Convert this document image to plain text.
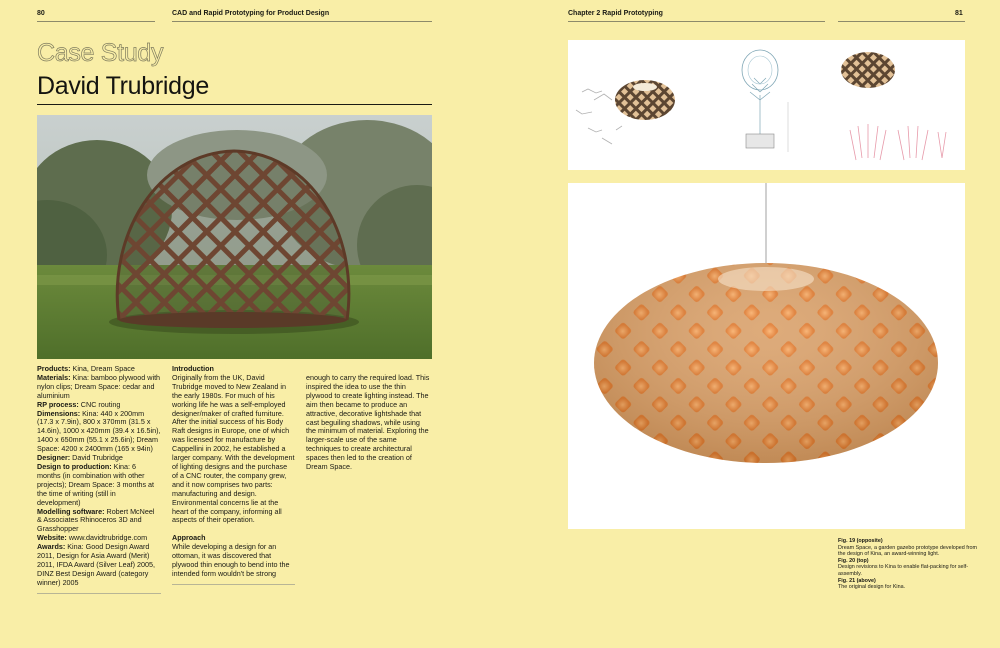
80	CAD and Rapid Prototyping for Product Design	Chapter 2 Rapid Prototyping	81
Case Study
David Trubridge

Products: Kina, Dream Space

Materials: Kina: bamboo plywood with nylon clips; Dream Space: cedar and aluminium

RP process: CNC routing

Dimensions: Kina: 440 x 200mm (17.3 x 7.9in), 800 x 370mm (31.5 x 14.6in), 1000 x 420mm (39.4 x 16.5in), 1400 x 650mm (55.1 x 25.6in); Dream Space: 4200 x 2400mm (165 x 94in)

Designer: David Trubridge

Design to production: Kina: 6 months (in combination with other projects); Dream Space: 3 months at the time of writing (still in development)

Modelling software: Robert McNeel & Associates Rhinoceros 3D and Grasshopper

Website: www.davidtrubridge.com

Awards: Kina: Good Design Award 2011, Design for Asia Award (Merit) 2011, IFDA Award (Silver Leaf) 2005, DINZ Best Design Award (category winner) 2005

Introduction

Originally from the UK, David Trubridge moved to New Zealand in the early 1980s. For much of his working life he was a self-employed designer/maker of crafted furniture. After the initial success of his Body Raft designs in Europe, one of which was licensed for manufacture by Cappellini in 2002, he established a larger company. With the development of lighting designs and the purchase of a CNC router, the company grew, and it now comprises two parts: manufacturing and design. Environmental concerns lie at the heart of the company, informing all aspects of their operation.

Approach

While developing a design for an ottoman, it was discovered that plywood thin enough to bend into the intended form wouldn't be strong

enough to carry the required load. This inspired the idea to use the thin plywood to create lighting instead. The aim then became to produce an attractive, decorative lightshade that cast beguiling shadows, while using the minimum of material. Exploring the larger-scale use of the same techniques to create architectural spaces then led to the creation of Dream Space.

Fig. 19 (opposite)

Dream Space, a garden gazebo prototype developed from the design of Kina, an award-winning light.

Fig. 20 (top)

Design revisions to Kina to enable flat-packing for self-assembly.

Fig. 21 (above)

The original design for Kina.
